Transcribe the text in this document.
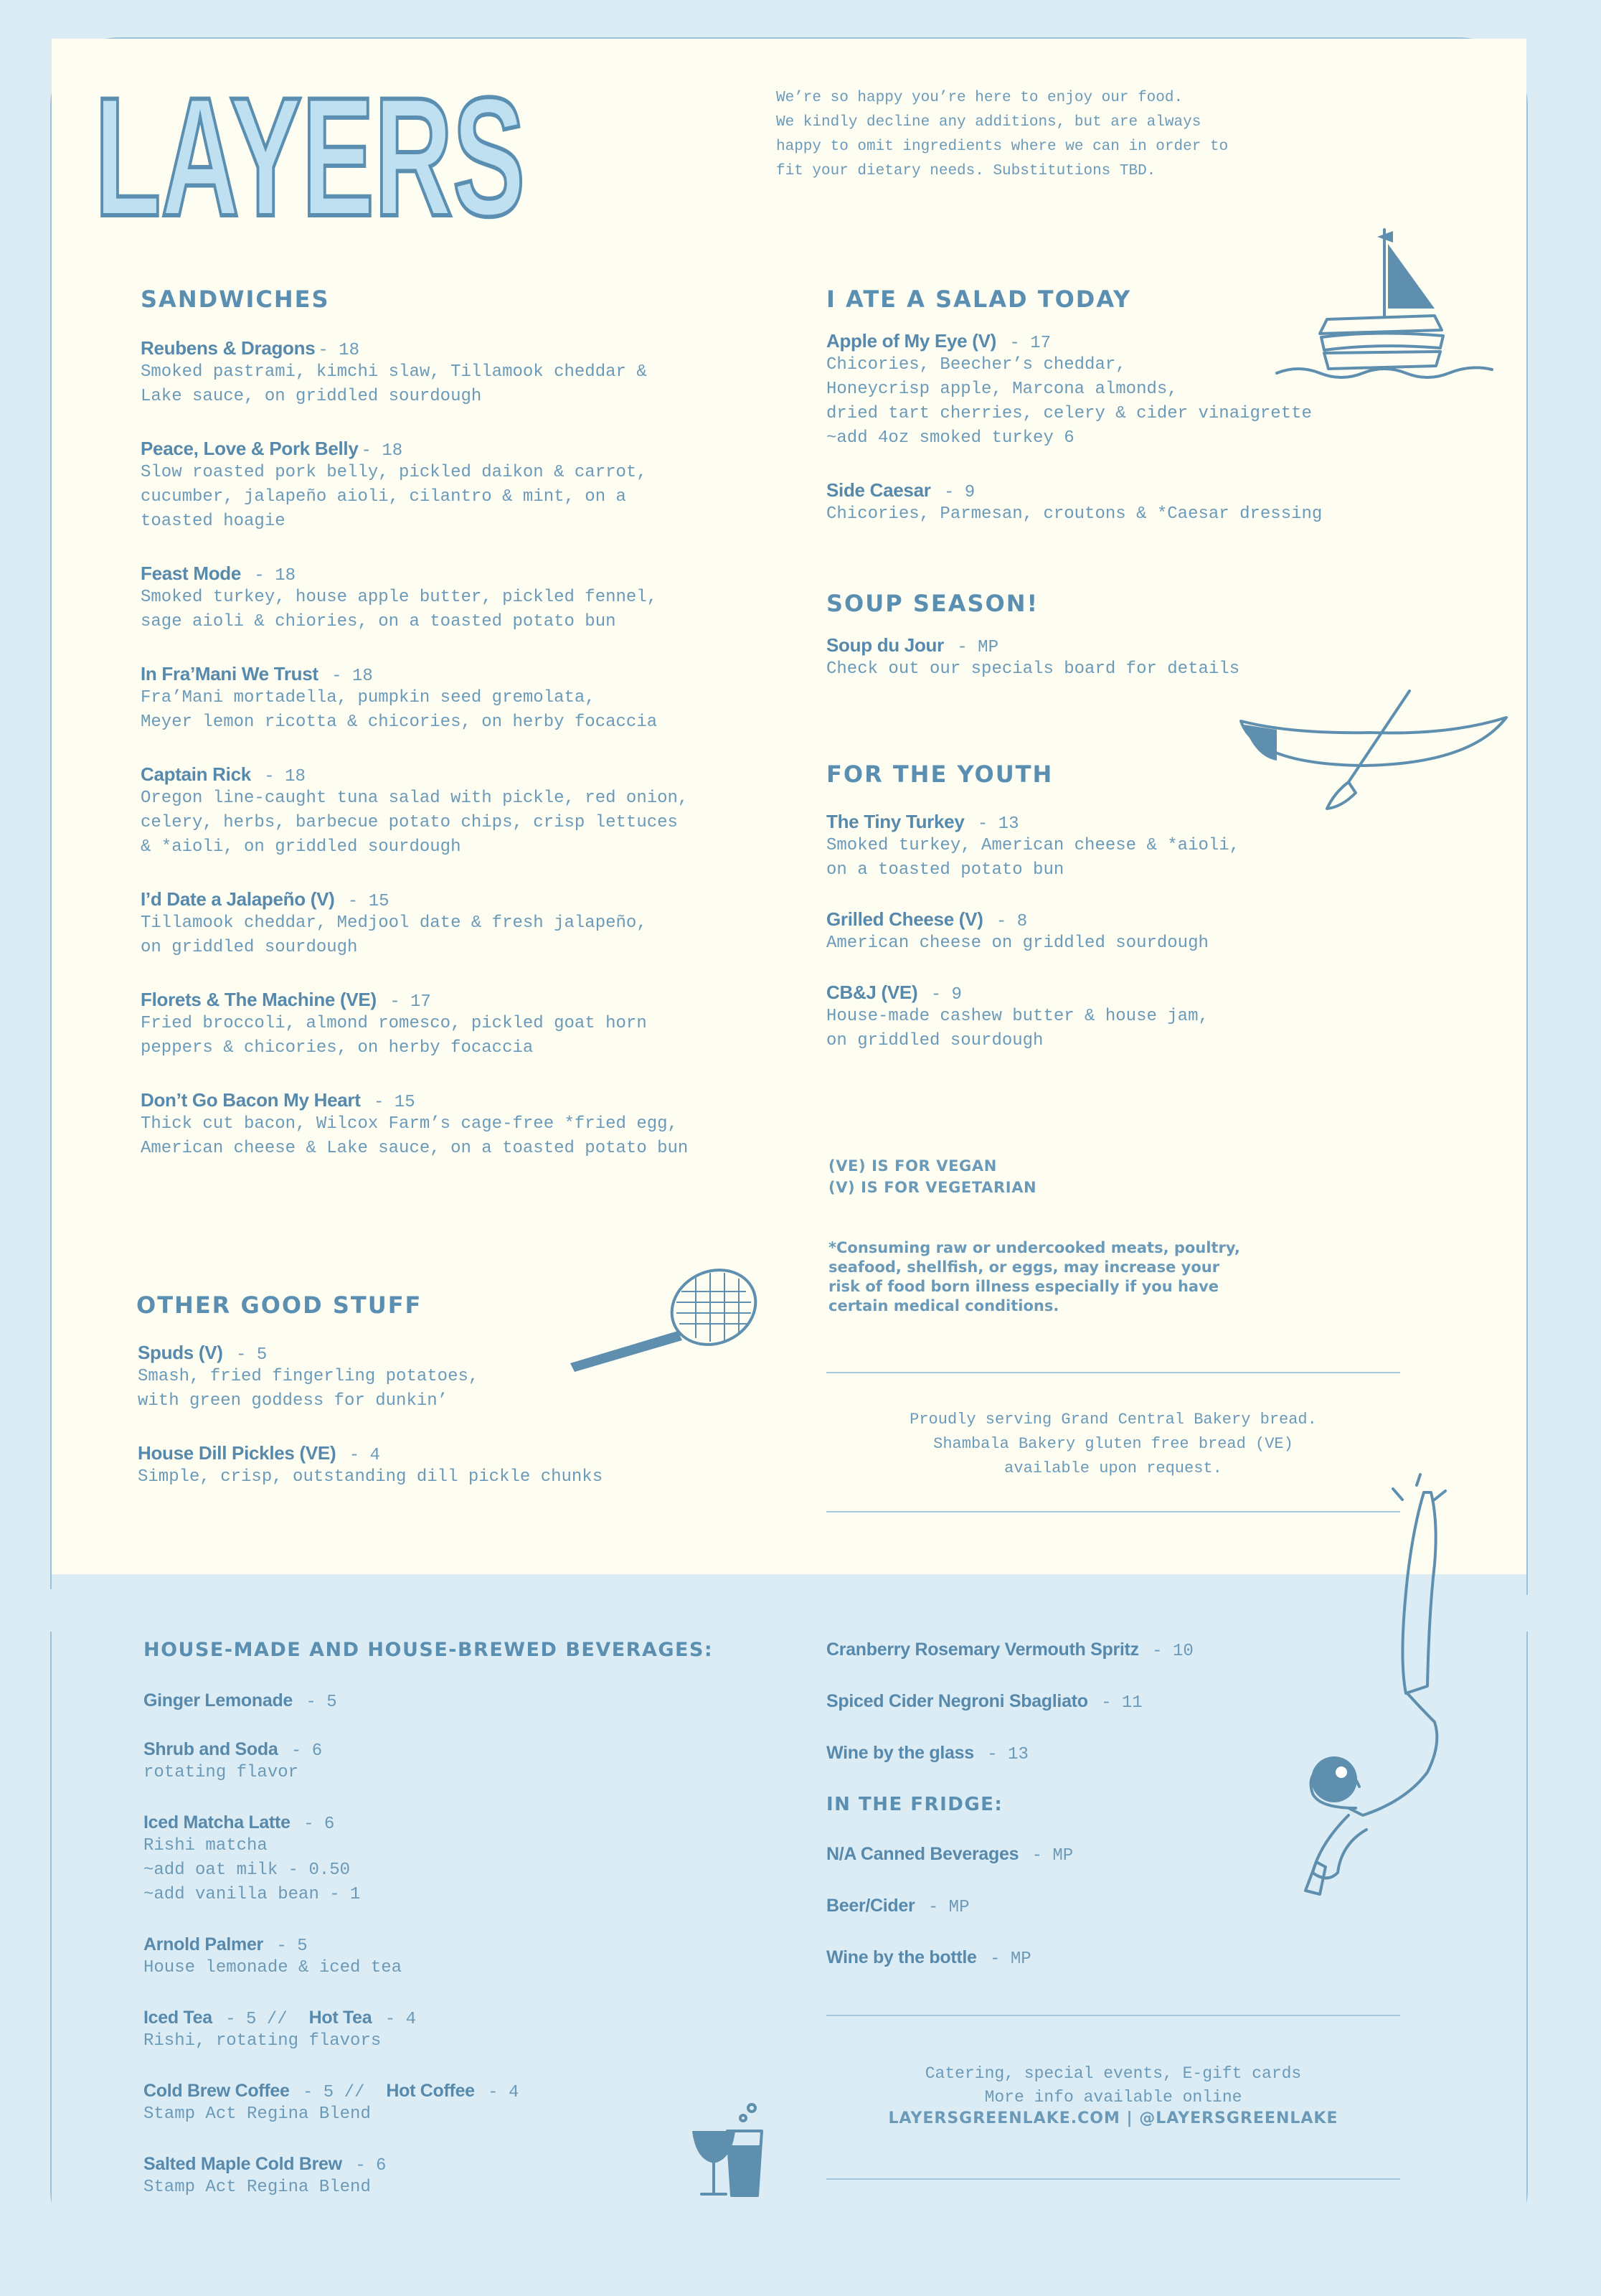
LAYERS	We’re so happy you’re here to enjoy our food.
We kindly decline any additions, but are always
happy to omit ingredients where we can in order to
fit your dietary needs. Substitutions TBD.
SANDWICHES
Reubens & Dragons - 18
Smoked pastrami, kimchi slaw, Tillamook cheddar &
Lake sauce, on griddled sourdough
Peace, Love & Pork Belly - 18
Slow roasted pork belly, pickled daikon & carrot,
cucumber, jalapeño aioli, cilantro & mint, on a
toasted hoagie
Feast Mode - 18
Smoked turkey, house apple butter, pickled fennel,
sage aioli & chiories, on a toasted potato bun
In Fra’Mani We Trust - 18
Fra’Mani mortadella, pumpkin seed gremolata,
Meyer lemon ricotta & chicories, on herby focaccia
Captain Rick - 18
Oregon line-caught tuna salad with pickle, red onion,
celery, herbs, barbecue potato chips, crisp lettuces
& *aioli, on griddled sourdough
I’d Date a Jalapeño (V) - 15
Tillamook cheddar, Medjool date & fresh jalapeño,
on griddled sourdough
Florets & The Machine (VE) - 17
Fried broccoli, almond romesco, pickled goat horn
peppers & chicories, on herby focaccia
Don’t Go Bacon My Heart - 15
Thick cut bacon, Wilcox Farm’s cage-free *fried egg,
American cheese & Lake sauce, on a toasted potato bun
OTHER GOOD STUFF
Spuds (V) - 5
Smash, fried fingerling potatoes,
with green goddess for dunkin’
House Dill Pickles (VE) - 4
Simple, crisp, outstanding dill pickle chunks
I ATE A SALAD TODAY
Apple of My Eye (V) - 17
Chicories, Beecher’s cheddar,
Honeycrisp apple, Marcona almonds,
dried tart cherries, celery & cider vinaigrette
~add 4oz smoked turkey 6
Side Caesar - 9
Chicories, Parmesan, croutons & *Caesar dressing
SOUP SEASON!
Soup du Jour - MP
Check out our specials board for details
FOR THE YOUTH
The Tiny Turkey - 13
Smoked turkey, American cheese & *aioli,
on a toasted potato bun
Grilled Cheese (V) - 8
American cheese on griddled sourdough
CB&J (VE) - 9
House-made cashew butter & house jam,
on griddled sourdough
(VE) IS FOR VEGAN
(V) IS FOR VEGETARIAN
*Consuming raw or undercooked meats, poultry,
seafood, shellfish, or eggs, may increase your
risk of food born illness especially if you have
certain medical conditions.
Proudly serving Grand Central Bakery bread.
Shambala Bakery gluten free bread (VE)
available upon request.
HOUSE-MADE AND HOUSE-BREWED BEVERAGES:
Ginger Lemonade - 5
Shrub and Soda - 6
rotating flavor
Iced Matcha Latte - 6
Rishi matcha
~add oat milk - 0.50
~add vanilla bean - 1
Arnold Palmer - 5
House lemonade & iced tea
Iced Tea - 5 // Hot Tea - 4
Rishi, rotating flavors
Cold Brew Coffee - 5 // Hot Coffee - 4
Stamp Act Regina Blend
Salted Maple Cold Brew - 6
Stamp Act Regina Blend
Cranberry Rosemary Vermouth Spritz - 10
Spiced Cider Negroni Sbagliato - 11
Wine by the glass - 13
IN THE FRIDGE:
N/A Canned Beverages - MP
Beer/Cider - MP
Wine by the bottle - MP
Catering, special events, E-gift cards
More info available online
LAYERSGREENLAKE.COM | @LAYERSGREENLAKE
